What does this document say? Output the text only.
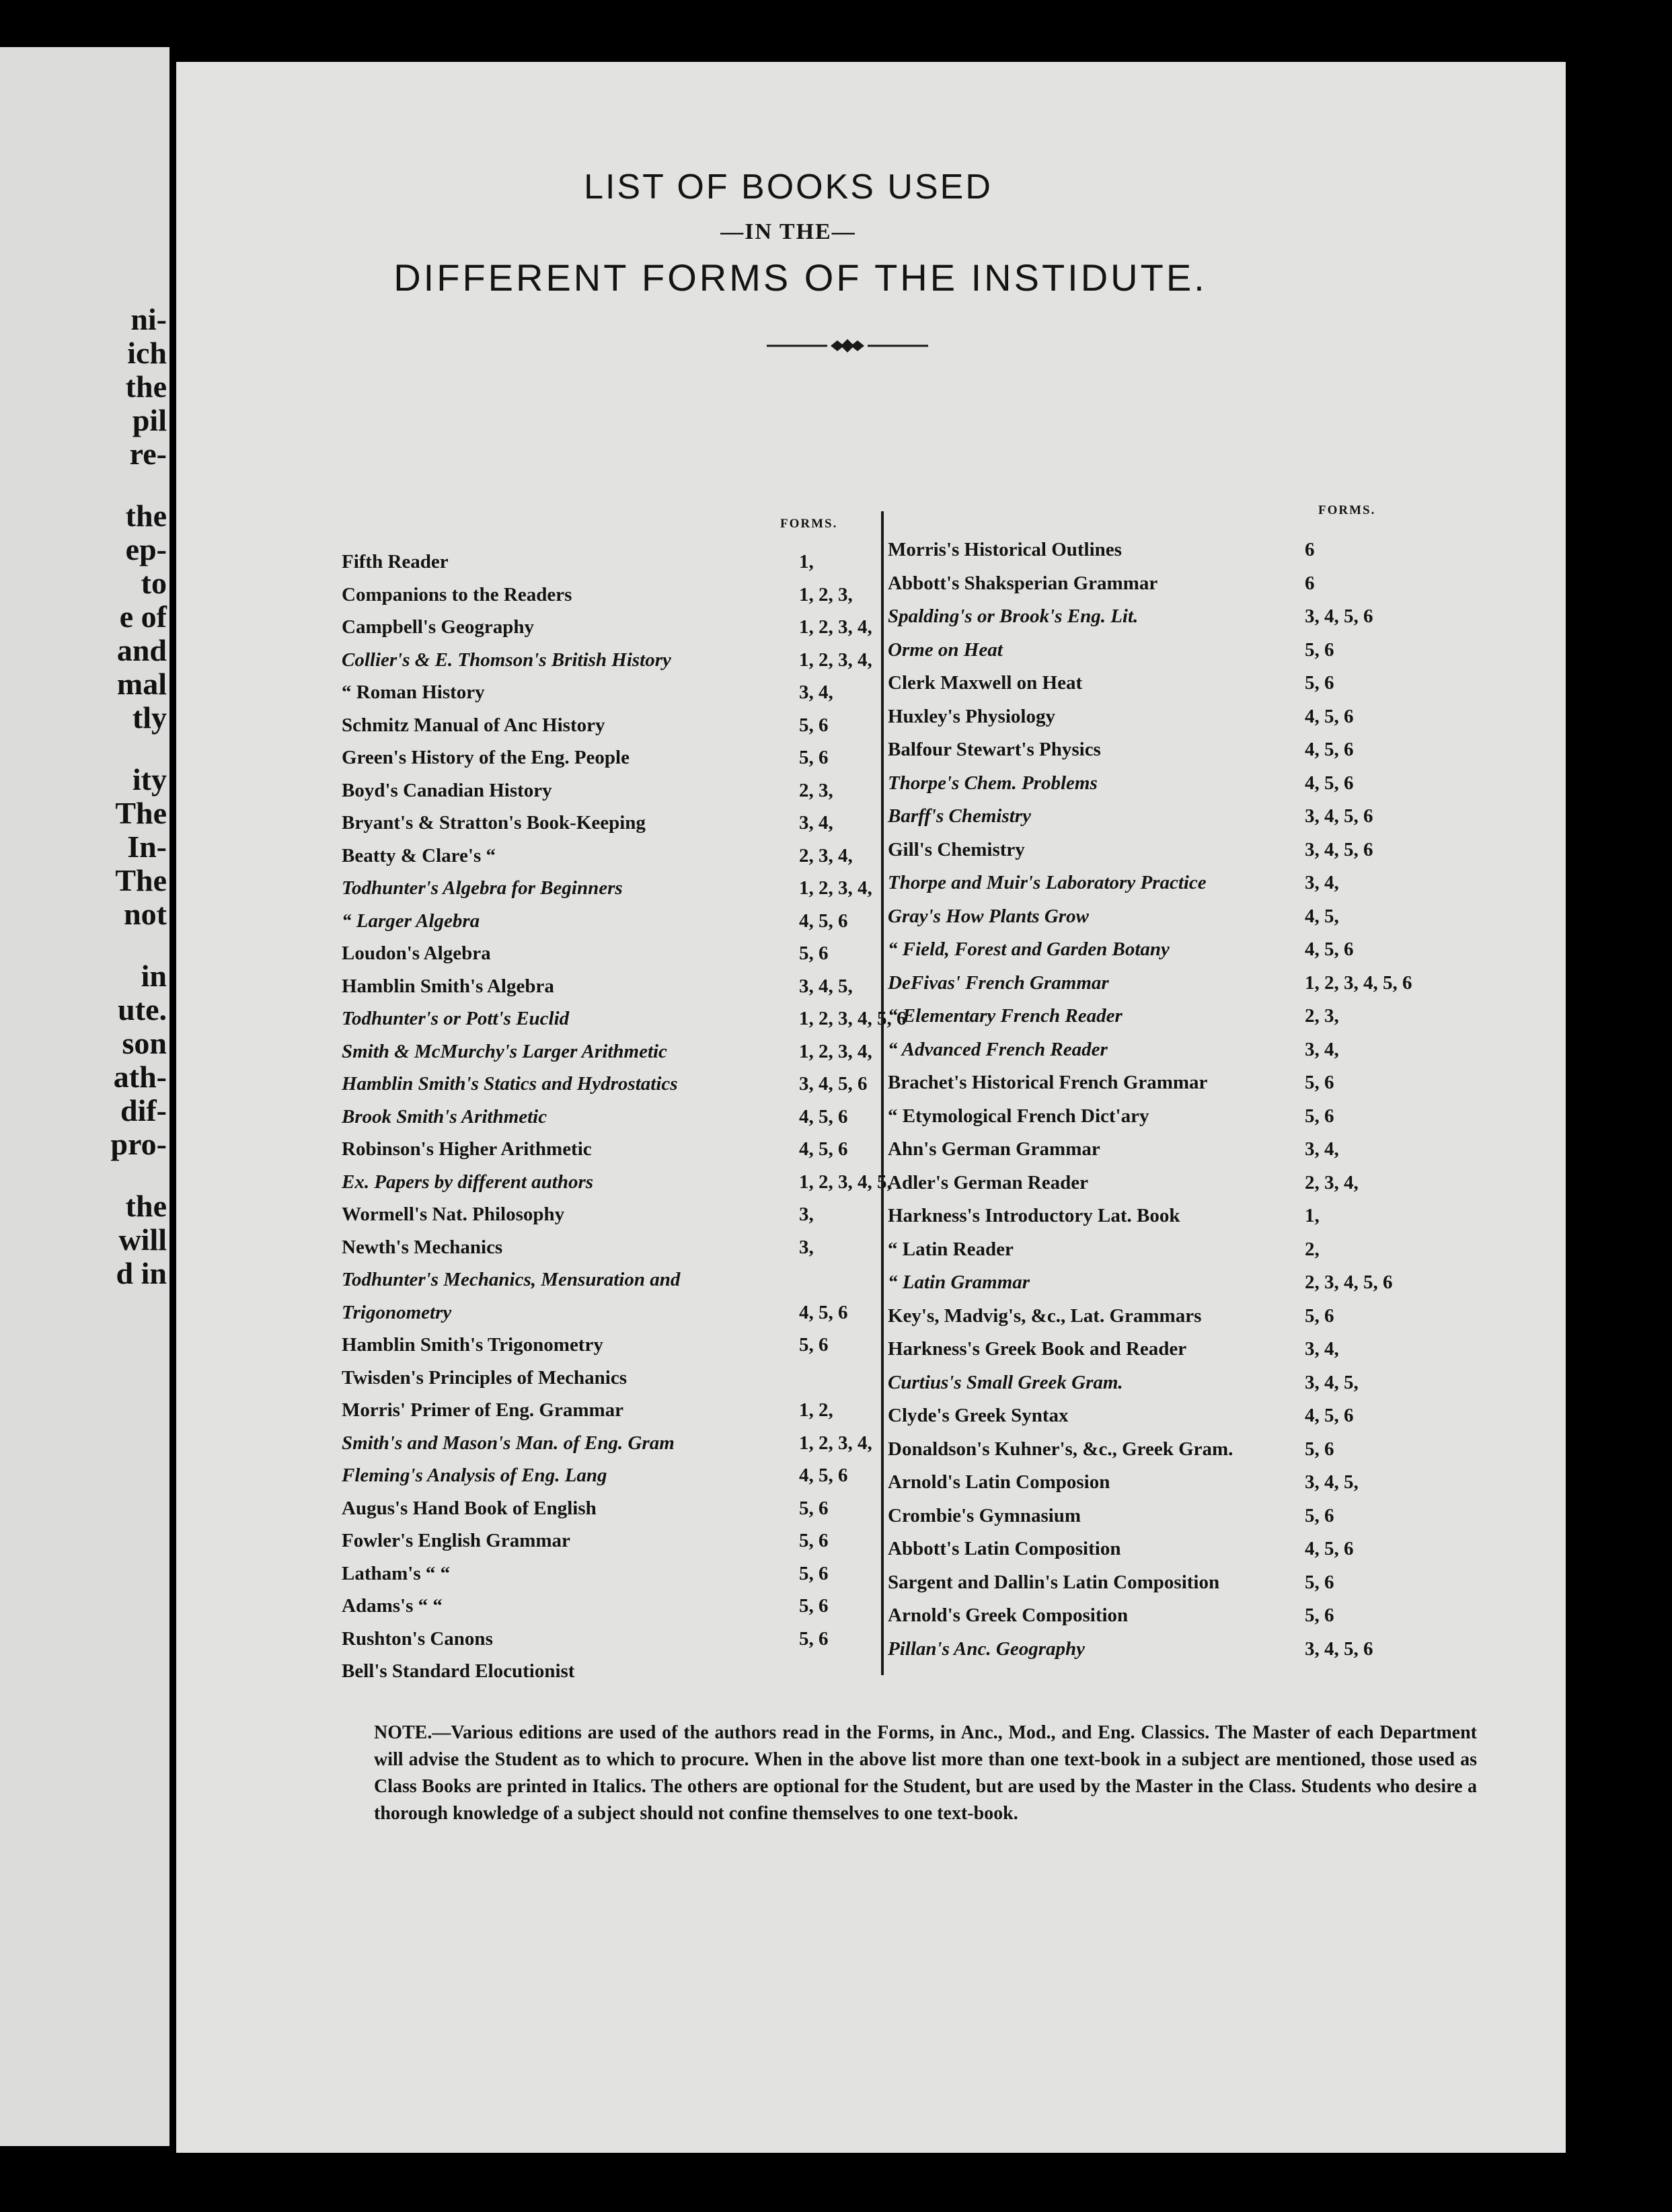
ni-
ich
the
pil
re-
the
ep-
to
e of
and
mal
tly
ity
The
In-
The
not
in
ute.
son
ath-
dif-
pro-
the
will
d in
LIST OF BOOKS USED
—IN THE—
DIFFERENT FORMS OF THE INSTIDUTE.
FORMS.
FORMS.
Fifth Reader	1,
Companions to the Readers	1, 2, 3,
Campbell's Geography	1, 2, 3, 4,
Collier's & E. Thomson's British History	1, 2, 3, 4,
“ Roman History	3, 4,
Schmitz Manual of Anc History	5, 6
Green's History of the Eng. People	5, 6
Boyd's Canadian History	2, 3,
Bryant's & Stratton's Book-Keeping	3, 4,
Beatty & Clare's “	2, 3, 4,
Todhunter's Algebra for Beginners	1, 2, 3, 4,
“ Larger Algebra	4, 5, 6
Loudon's Algebra	5, 6
Hamblin Smith's Algebra	3, 4, 5,
Todhunter's or Pott's Euclid	1, 2, 3, 4, 5, 6
Smith & McMurchy's Larger Arithmetic	1, 2, 3, 4,
Hamblin Smith's Statics and Hydrostatics	3, 4, 5, 6
Brook Smith's Arithmetic	4, 5, 6
Robinson's Higher Arithmetic	4, 5, 6
Ex. Papers by different authors	1, 2, 3, 4, 5,
Wormell's Nat. Philosophy	3,
Newth's Mechanics	3,
Todhunter's Mechanics, Mensuration and
Trigonometry	4, 5, 6
Hamblin Smith's Trigonometry	5, 6
Twisden's Principles of Mechanics
Morris' Primer of Eng. Grammar	1, 2,
Smith's and Mason's Man. of Eng. Gram	1, 2, 3, 4,
Fleming's Analysis of Eng. Lang	4, 5, 6
Augus's Hand Book of English	5, 6
Fowler's English Grammar	5, 6
Latham's “ “	5, 6
Adams's “ “	5, 6
Rushton's Canons	5, 6
Bell's Standard Elocutionist
Morris's Historical Outlines	6
Abbott's Shaksperian Grammar	6
Spalding's or Brook's Eng. Lit.	3, 4, 5, 6
Orme on Heat	5, 6
Clerk Maxwell on Heat	5, 6
Huxley's Physiology	4, 5, 6
Balfour Stewart's Physics	4, 5, 6
Thorpe's Chem. Problems	4, 5, 6
Barff's Chemistry	3, 4, 5, 6
Gill's Chemistry	3, 4, 5, 6
Thorpe and Muir's Laboratory Practice	3, 4,
Gray's How Plants Grow	4, 5,
“ Field, Forest and Garden Botany	4, 5, 6
DeFivas' French Grammar	1, 2, 3, 4, 5, 6
“ Elementary French Reader	2, 3,
“ Advanced French Reader	3, 4,
Brachet's Historical French Grammar	5, 6
“ Etymological French Dict'ary	5, 6
Ahn's German Grammar	3, 4,
Adler's German Reader	2, 3, 4,
Harkness's Introductory Lat. Book	1,
“ Latin Reader	2,
“ Latin Grammar	2, 3, 4, 5, 6
Key's, Madvig's, &c., Lat. Grammars	5, 6
Harkness's Greek Book and Reader	3, 4,
Curtius's Small Greek Gram.	3, 4, 5,
Clyde's Greek Syntax	4, 5, 6
Donaldson's Kuhner's, &c., Greek Gram.	5, 6
Arnold's Latin Composion	3, 4, 5,
Crombie's Gymnasium	5, 6
Abbott's Latin Composition	4, 5, 6
Sargent and Dallin's Latin Composition	5, 6
Arnold's Greek Composition	5, 6
Pillan's Anc. Geography	3, 4, 5, 6
NOTE.—Various editions are used of the authors read in the Forms, in Anc., Mod., and Eng. Classics. The Master of each Department will advise the Student as to which to procure. When in the above list more than one text-book in a subject are mentioned, those used as Class Books are printed in Italics. The others are optional for the Student, but are used by the Master in the Class. Students who desire a thorough knowledge of a subject should not confine themselves to one text-book.
